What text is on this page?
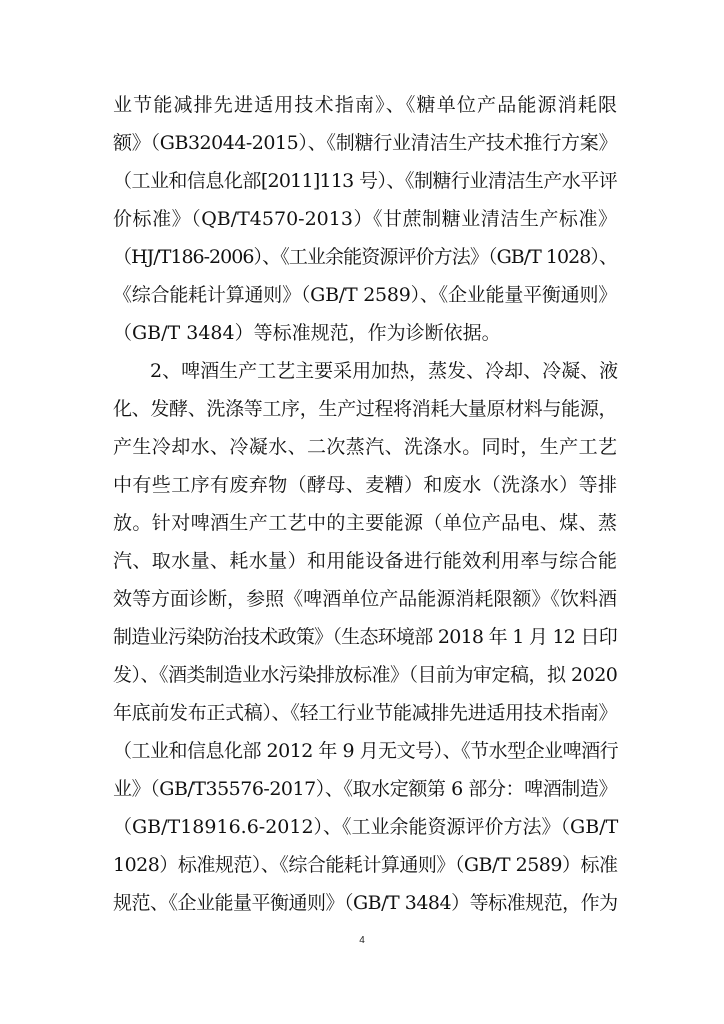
业节能减排先进适用技术指南》、《糖单位产品能源消耗限
额》（GB32044-2015）、《制糖行业清洁生产技术推行方案》
（工业和信息化部[2011]113 号）、《制糖行业清洁生产水平评
价标准》（QB/T4570-2013）《甘蔗制糖业清洁生产标准》
（HJ/T186-2006）、《工业余能资源评价方法》（GB/T 1028）、
《综合能耗计算通则》（GB/T 2589）、《企业能量平衡通则》
（GB/T 3484）等标准规范，作为诊断依据。
2、啤酒生产工艺主要采用加热，蒸发、冷却、冷凝、液
化、发酵、洗涤等工序，生产过程将消耗大量原材料与能源，
产生冷却水、冷凝水、二次蒸汽、洗涤水。同时，生产工艺
中有些工序有废弃物（酵母、麦糟）和废水（洗涤水）等排
放。针对啤酒生产工艺中的主要能源（单位产品电、煤、蒸
汽、取水量、耗水量）和用能设备进行能效利用率与综合能
效等方面诊断，参照《啤酒单位产品能源消耗限额》《饮料酒
制造业污染防治技术政策》（生态环境部 2018 年 1 月 12 日印
发）、《酒类制造业水污染排放标准》（目前为审定稿，拟 2020
年底前发布正式稿）、《轻工行业节能减排先进适用技术指南》
（工业和信息化部 2012 年 9 月无文号）、《节水型企业啤酒行
业》（GB/T35576-2017）、《取水定额第 6 部分：啤酒制造》
（GB/T18916.6-2012）、《工业余能资源评价方法》（GB/T
1028）标准规范）、《综合能耗计算通则》（GB/T 2589）标准
规范、《企业能量平衡通则》（GB/T 3484）等标准规范，作为
4
